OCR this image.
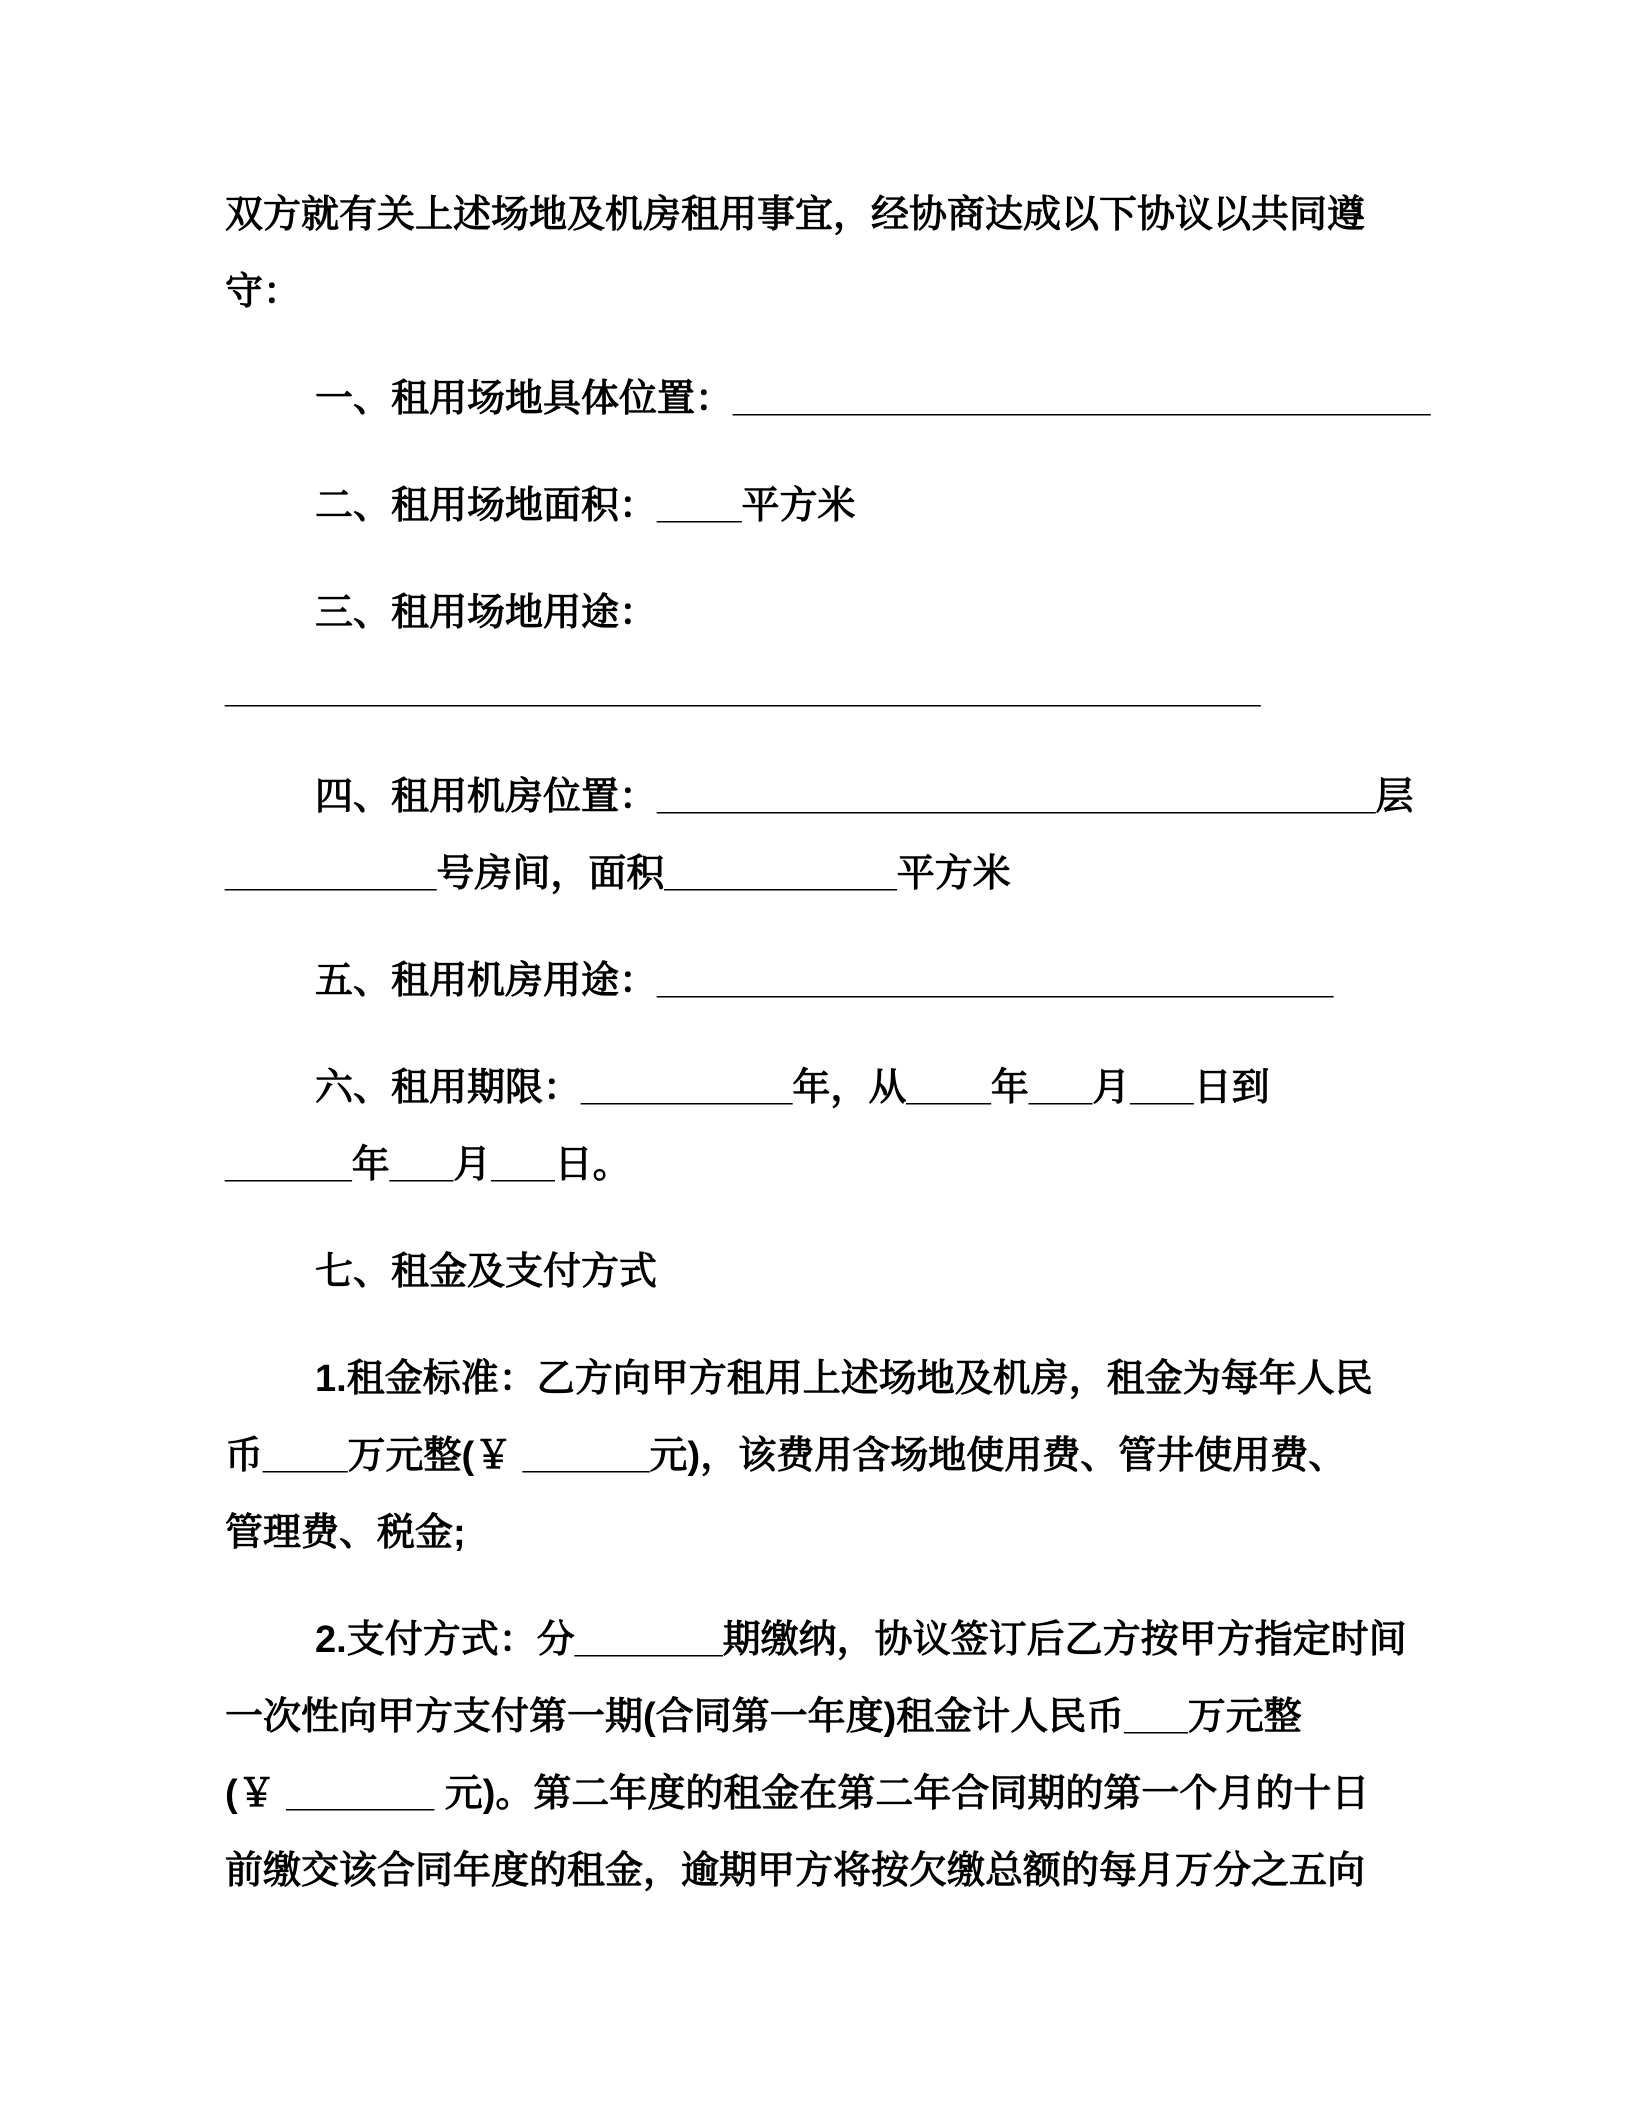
双方就有关上述场地及机房租用事宜，经协商达成以下协议以共同遵
守：
一、租用场地具体位置：_________________________________
二、租用场地面积：____平方米
三、租用场地用途：
_________________________________________________
四、租用机房位置：__________________________________层
__________号房间，面积___________平方米
五、租用机房用途：________________________________
六、租用期限：__________年，从____年___月___日到
______年___月___日。
七、租金及支付方式
1.租金标准：乙方向甲方租用上述场地及机房，租金为每年人民
币____万元整(￥ ______元)，该费用含场地使用费、管井使用费、
管理费、税金;
2.支付方式：分_______期缴纳，协议签订后乙方按甲方指定时间
一次性向甲方支付第一期(合同第一年度)租金计人民币___万元整
(￥ _______ 元)。第二年度的租金在第二年合同期的第一个月的十日
前缴交该合同年度的租金，逾期甲方将按欠缴总额的每月万分之五向
